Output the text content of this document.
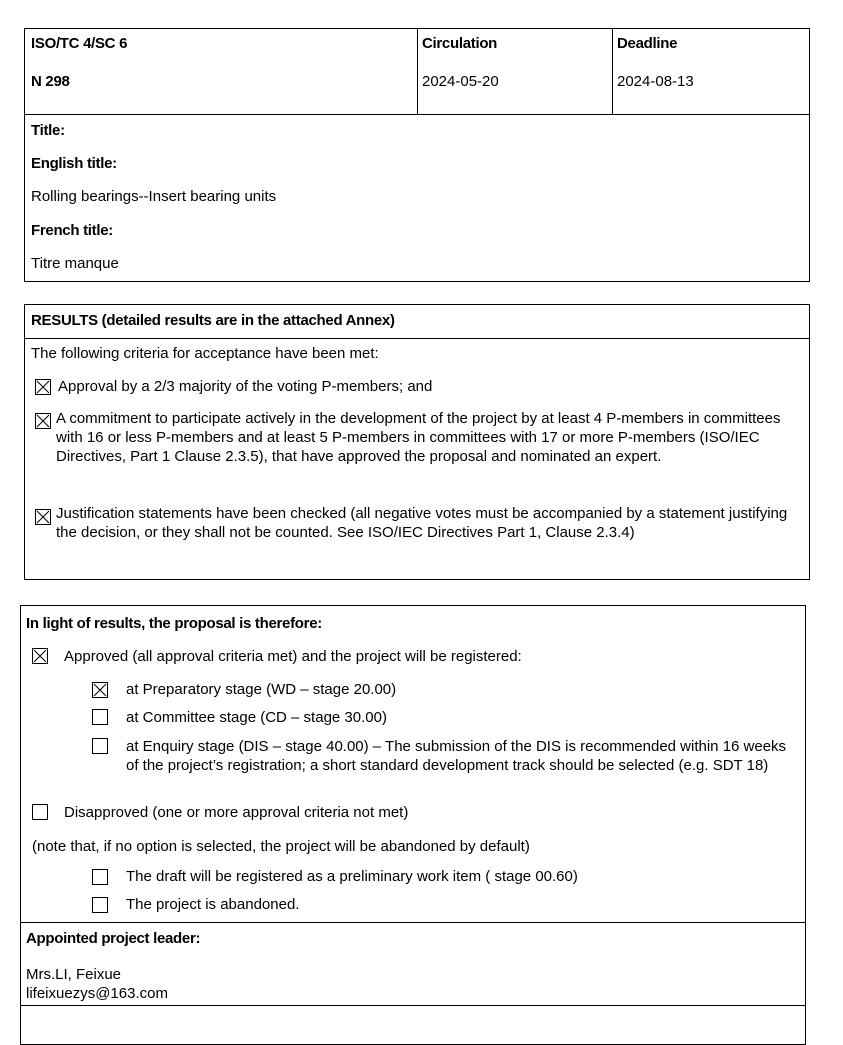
ISO/TC 4/SC 6
N 298
Circulation
2024-05-20
Deadline
2024-08-13
Title:
English title:
Rolling bearings--Insert bearing units
French title:
Titre manque
RESULTS (detailed results are in the attached Annex)
The following criteria for acceptance have been met:
Approval by a 2/3 majority of the voting P-members; and
A commitment to participate actively in the development of the project by at least 4 P-members in committees with 16 or less P-members and at least 5 P-members in committees with 17 or more P-members (ISO/IEC Directives, Part 1 Clause 2.3.5), that have approved the proposal and nominated an expert.
Justification statements have been checked (all negative votes must be accompanied by a statement justifying the decision, or they shall not be counted. See ISO/IEC Directives Part 1, Clause 2.3.4)
In light of results, the proposal is therefore:
Approved (all approval criteria met) and the project will be registered:
at Preparatory stage (WD – stage 20.00)
at Committee stage (CD – stage 30.00)
at Enquiry stage (DIS – stage 40.00) – The submission of the DIS is recommended within 16 weeks of the project’s registration; a short standard development track should be selected (e.g. SDT 18)
Disapproved (one or more approval criteria not met)
(note that, if no option is selected, the project will be abandoned by default)
The draft will be registered as a preliminary work item ( stage 00.60)
The project is abandoned.
Appointed project leader:
Mrs.LI, Feixue
lifeixuezys@163.com
